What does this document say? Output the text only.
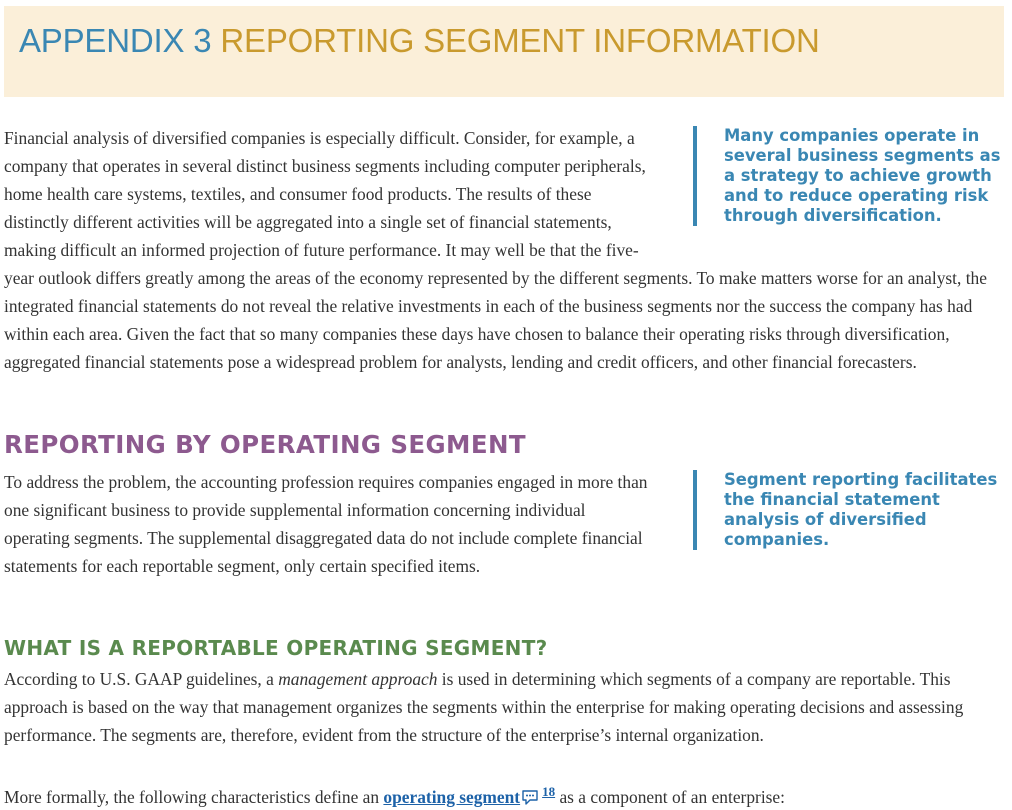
APPENDIX 3 REPORTING SEGMENT INFORMATION

Financial analysis of diversified companies is especially difficult. Consider, for example, a company that operates in several distinct business segments including computer peripherals, home health care systems, textiles, and consumer food products. The results of these distinctly different activities will be aggregated into a single set of financial statements, making difficult an informed projection of future performance. It may well be that the five-year outlook differs greatly among the areas of the economy represented by the different segments. To make matters worse for an analyst, the integrated financial statements do not reveal the relative investments in each of the business segments nor the success the company has had within each area. Given the fact that so many companies these days have chosen to balance their operating risks through diversification, aggregated financial statements pose a widespread problem for analysts, lending and credit officers, and other financial forecasters.

Many companies operate in several business segments as a strategy to achieve growth and to reduce operating risk through diversification.
REPORTING BY OPERATING SEGMENT

To address the problem, the accounting profession requires companies engaged in more than one significant business to provide supplemental information concerning individual operating segments. The supplemental disaggregated data do not include complete financial statements for each reportable segment, only certain specified items.

Segment reporting facilitates the financial statement analysis of diversified companies.
WHAT IS A REPORTABLE OPERATING SEGMENT?

According to U.S. GAAP guidelines, a management approach is used in determining which segments of a company are reportable. This approach is based on the way that management organizes the segments within the enterprise for making operating decisions and assessing performance. The segments are, therefore, evident from the structure of the enterprise’s internal organization.

More formally, the following characteristics define an operating segment $^{18}$ as a component of an enterprise:
